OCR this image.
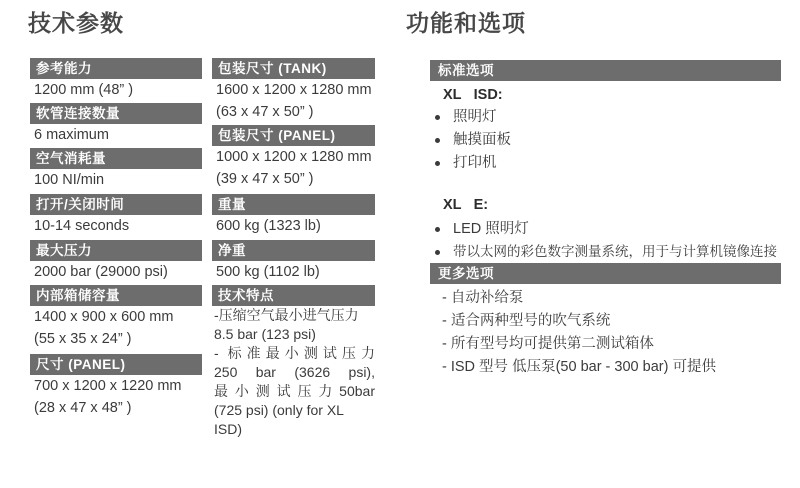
技术参数	功能和选项
参考能力
1200 mm (48” )
软管连接数量
6 maximum
空气消耗量
100 NI/min
打开/关闭时间
10-14 seconds
最大压力
2000 bar (29000 psi)
内部箱储容量
1400 x 900 x 600 mm
(55 x 35 x 24” )
尺寸 (PANEL)
700 x 1200 x 1220 mm
(28 x 47 x 48” )
包装尺寸 (TANK)
1600 x 1200 x 1280 mm
(63 x 47 x 50” )
包装尺寸 (PANEL)
1000 x 1200 x 1280 mm
(39 x 47 x 50” )
重量
600 kg (1323 lb)
净重
500 kg (1102 lb)
技术特点
-压缩空气最小进气压力
8.5 bar (123 psi)
- 标准最小测试压力
250 bar (3626 psi),
最小测试压力50bar
(725 psi) (only for XL
ISD)
标准选项
XL   ISD:
照明灯
触摸面板
打印机
XL   E:
LED 照明灯
带以太网的彩色数字测量系统，用于与计算机镜像连接
更多选项
- 自动补给泵
- 适合两种型号的吹气系统
- 所有型号均可提供第二测试箱体
- ISD 型号 低压泵(50 bar - 300 bar) 可提供
